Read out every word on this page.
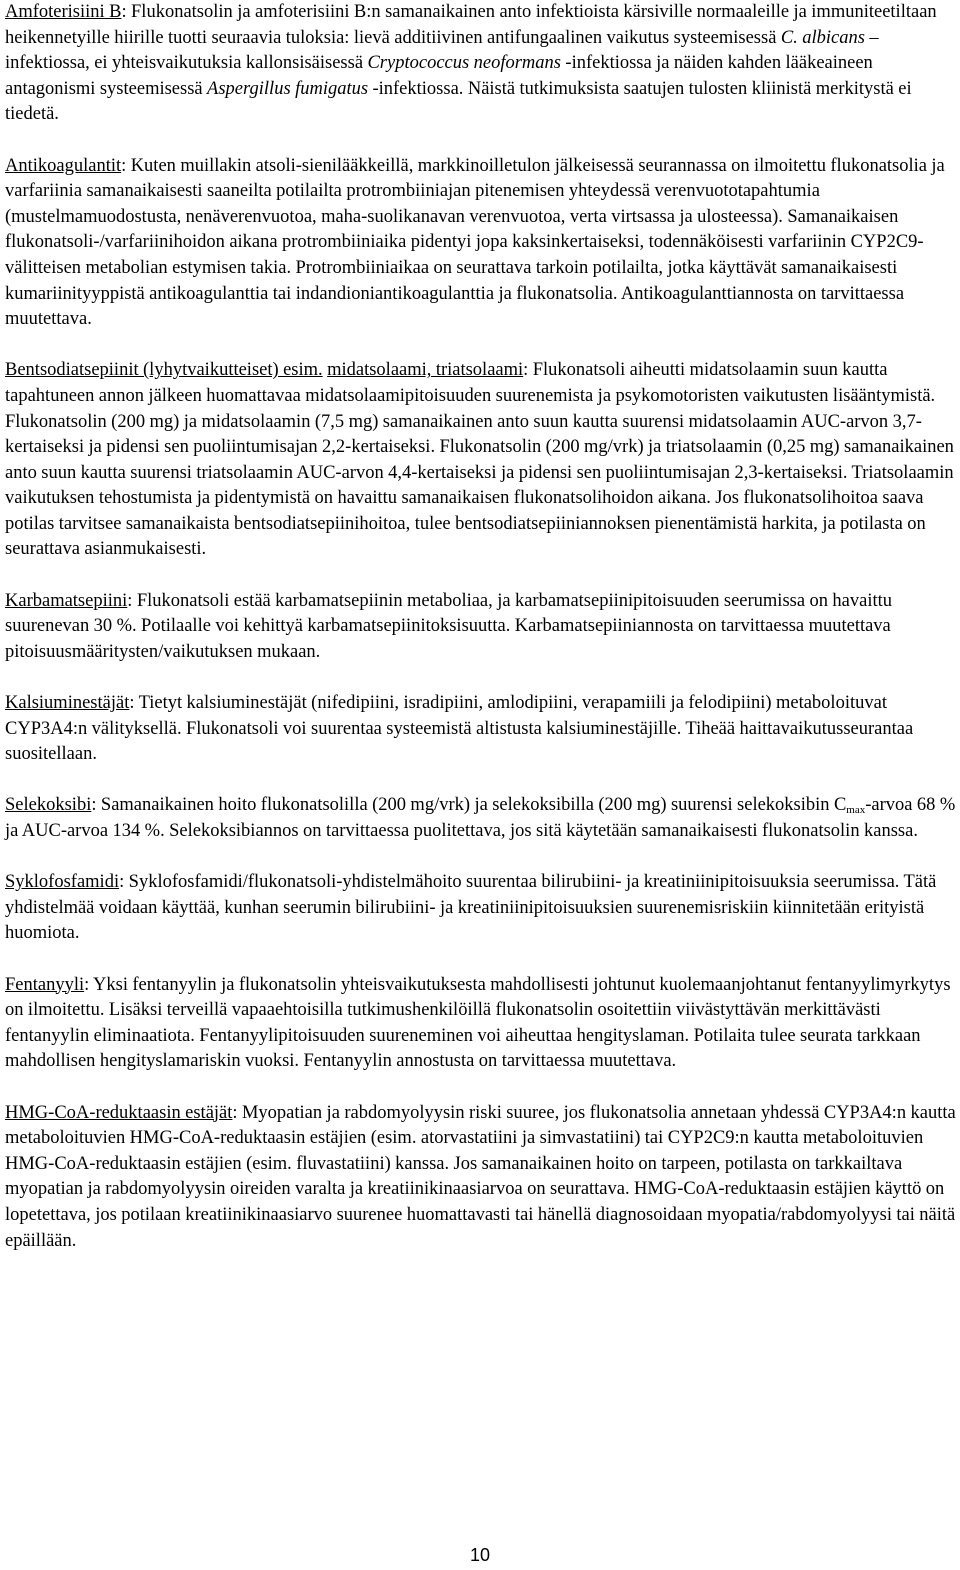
Amfoterisiini B: Flukonatsolin ja amfoterisiini B:n samanaikainen anto infektioista kärsiville normaaleille ja immuniteetiltaan heikennetyille hiirille tuotti seuraavia tuloksia: lievä additiivinen antifungaalinen vaikutus systeemisessä C. albicans –infektiossa, ei yhteisvaikutuksia kallonsisäisessä Cryptococcus neoformans -infektiossa ja näiden kahden lääkeaineen antagonismi systeemisessä Aspergillus fumigatus -infektiossa. Näistä tutkimuksista saatujen tulosten kliinistä merkitystä ei tiedetä.

Antikoagulantit: Kuten muillakin atsoli-sienilääkkeillä, markkinoilletulon jälkeisessä seurannassa on ilmoitettu flukonatsolia ja varfariinia samanaikaisesti saaneilta potilailta protrombiiniajan pitenemisen yhteydessä verenvuototapahtumia (mustelmamuodostusta, nenäverenvuotoa, maha-suolikanavan verenvuotoa, verta virtsassa ja ulosteessa). Samanaikaisen flukonatsoli-/varfariinihoidon aikana protrombiiniaika pidentyi jopa kaksinkertaiseksi, todennäköisesti varfariinin CYP2C9-välitteisen metabolian estymisen takia. Protrombiiniaikaa on seurattava tarkoin potilailta, jotka käyttävät samanaikaisesti kumariinityyppistä antikoagulanttia tai indandioniantikoagulanttia ja flukonatsolia. Antikoagulanttiannosta on tarvittaessa muutettava.

Bentsodiatsepiinit (lyhytvaikutteiset) esim. midatsolaami, triatsolaami: Flukonatsoli aiheutti midatsolaamin suun kautta tapahtuneen annon jälkeen huomattavaa midatsolaamipitoisuuden suurenemista ja psykomotoristen vaikutusten lisääntymistä. Flukonatsolin (200 mg) ja midatsolaamin (7,5 mg) samanaikainen anto suun kautta suurensi midatsolaamin AUC-arvon 3,7-kertaiseksi ja pidensi sen puoliintumisajan 2,2-kertaiseksi. Flukonatsolin (200 mg/vrk) ja triatsolaamin (0,25 mg) samanaikainen anto suun kautta suurensi triatsolaamin AUC-arvon 4,4-kertaiseksi ja pidensi sen puoliintumisajan 2,3-kertaiseksi. Triatsolaamin vaikutuksen tehostumista ja pidentymistä on havaittu samanaikaisen flukonatsolihoidon aikana. Jos flukonatsolihoitoa saava potilas tarvitsee samanaikaista bentsodiatsepiinihoitoa, tulee bentsodiatsepiiniannoksen pienentämistä harkita, ja potilasta on seurattava asianmukaisesti.

Karbamatsepiini: Flukonatsoli estää karbamatsepiinin metaboliaa, ja karbamatsepiinipitoisuuden seerumissa on havaittu suurenevan 30 %. Potilaalle voi kehittyä karbamatsepiinitoksisuutta. Karbamatsepiiniannosta on tarvittaessa muutettava pitoisuusmääritysten/vaikutuksen mukaan.

Kalsiuminestäjät: Tietyt kalsiuminestäjät (nifedipiini, isradipiini, amlodipiini, verapamiili ja felodipiini) metaboloituvat CYP3A4:n välityksellä. Flukonatsoli voi suurentaa systeemistä altistusta kalsiuminestäjille. Tiheää haittavaikutusseurantaa suositellaan.

Selekoksibi: Samanaikainen hoito flukonatsolilla (200 mg/vrk) ja selekoksibilla (200 mg) suurensi selekoksibin $C_{max}$-arvoa 68 % ja AUC-arvoa 134 %. Selekoksibiannos on tarvittaessa puolitettava, jos sitä käytetään samanaikaisesti flukonatsolin kanssa.

Syklofosfamidi: Syklofosfamidi/flukonatsoli-yhdistelmähoito suurentaa bilirubiini- ja kreatiniinipitoisuuksia seerumissa. Tätä yhdistelmää voidaan käyttää, kunhan seerumin bilirubiini- ja kreatiniinipitoisuuksien suurenemisriskiin kiinnitetään erityistä huomiota.

Fentanyyli: Yksi fentanyylin ja flukonatsolin yhteisvaikutuksesta mahdollisesti johtunut kuolemaanjohtanut fentanyylimyrkytys on ilmoitettu. Lisäksi terveillä vapaaehtoisilla tutkimushenkilöillä flukonatsolin osoitettiin viivästyttävän merkittävästi fentanyylin eliminaatiota. Fentanyylipitoisuuden suureneminen voi aiheuttaa hengityslaman. Potilaita tulee seurata tarkkaan mahdollisen hengityslamariskin vuoksi. Fentanyylin annostusta on tarvittaessa muutettava.

HMG-CoA-reduktaasin estäjät: Myopatian ja rabdomyolyysin riski suuree, jos flukonatsolia annetaan yhdessä CYP3A4:n kautta metaboloituvien HMG-CoA-reduktaasin estäjien (esim. atorvastatiini ja simvastatiini) tai CYP2C9:n kautta metaboloituvien HMG-CoA-reduktaasin estäjien (esim. fluvastatiini) kanssa. Jos samanaikainen hoito on tarpeen, potilasta on tarkkailtava myopatian ja rabdomyolyysin oireiden varalta ja kreatiinikinaasiarvoa on seurattava. HMG-CoA-reduktaasin estäjien käyttö on lopetettava, jos potilaan kreatiinikinaasiarvo suurenee huomattavasti tai hänellä diagnosoidaan myopatia/rabdomyolyysi tai näitä epäillään.

10
